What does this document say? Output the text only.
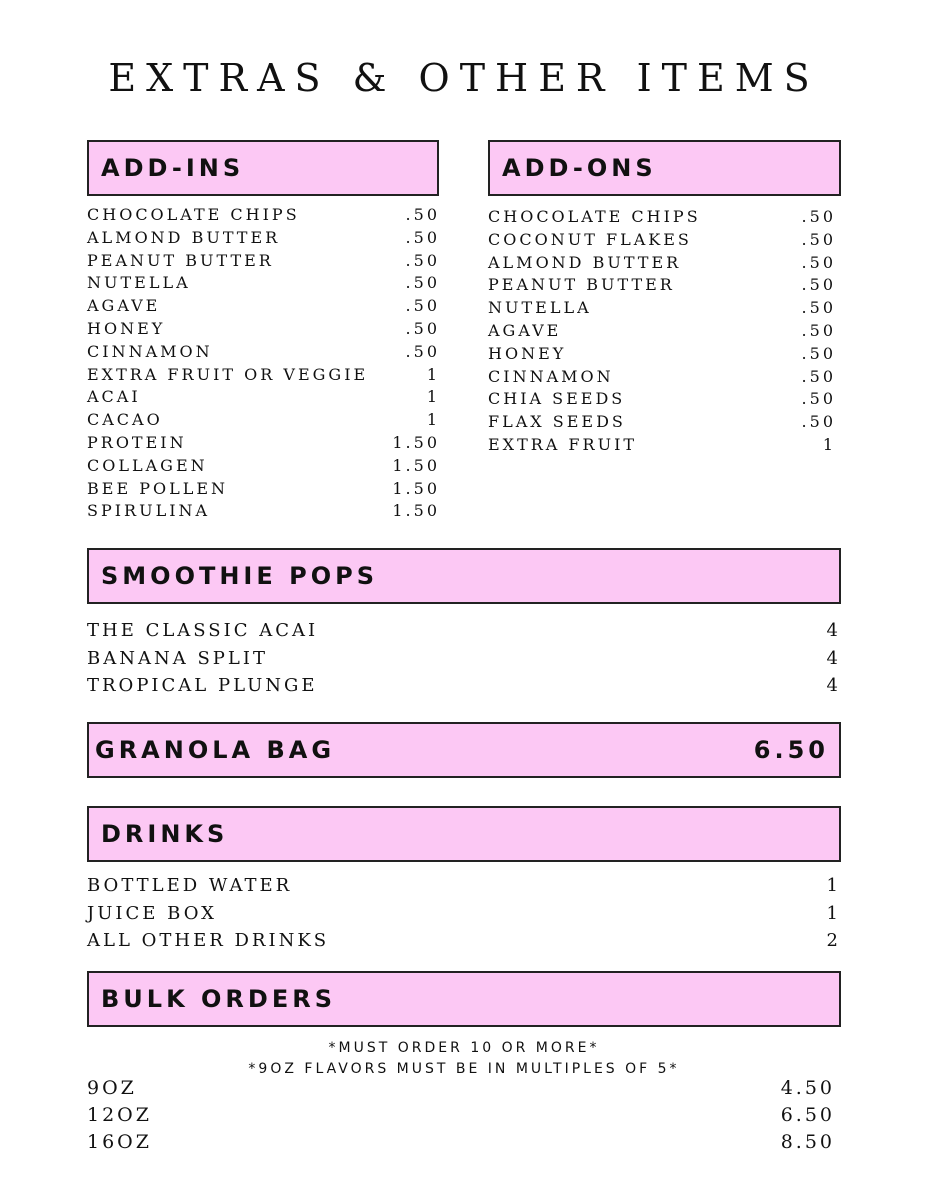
EXTRAS & OTHER ITEMS
ADD-INS
CHOCOLATE CHIPS	.50
ALMOND BUTTER	.50
PEANUT BUTTER	.50
NUTELLA	.50
AGAVE	.50
HONEY	.50
CINNAMON	.50
EXTRA FRUIT OR VEGGIE	1
ACAI	1
CACAO	1
PROTEIN	1.50
COLLAGEN	1.50
BEE POLLEN	1.50
SPIRULINA	1.50
ADD-ONS
CHOCOLATE CHIPS	.50
COCONUT FLAKES	.50
ALMOND BUTTER	.50
PEANUT BUTTER	.50
NUTELLA	.50
AGAVE	.50
HONEY	.50
CINNAMON	.50
CHIA SEEDS	.50
FLAX SEEDS	.50
EXTRA FRUIT	1
SMOOTHIE POPS
THE CLASSIC ACAI	4
BANANA SPLIT	4
TROPICAL PLUNGE	4
GRANOLA BAG	6.50
DRINKS
BOTTLED WATER	1
JUICE BOX	1
ALL OTHER DRINKS	2
BULK ORDERS

*MUST ORDER 10 OR MORE*

*9OZ FLAVORS MUST BE IN MULTIPLES OF 5*

9OZ	4.50
12OZ	6.50
16OZ	8.50
